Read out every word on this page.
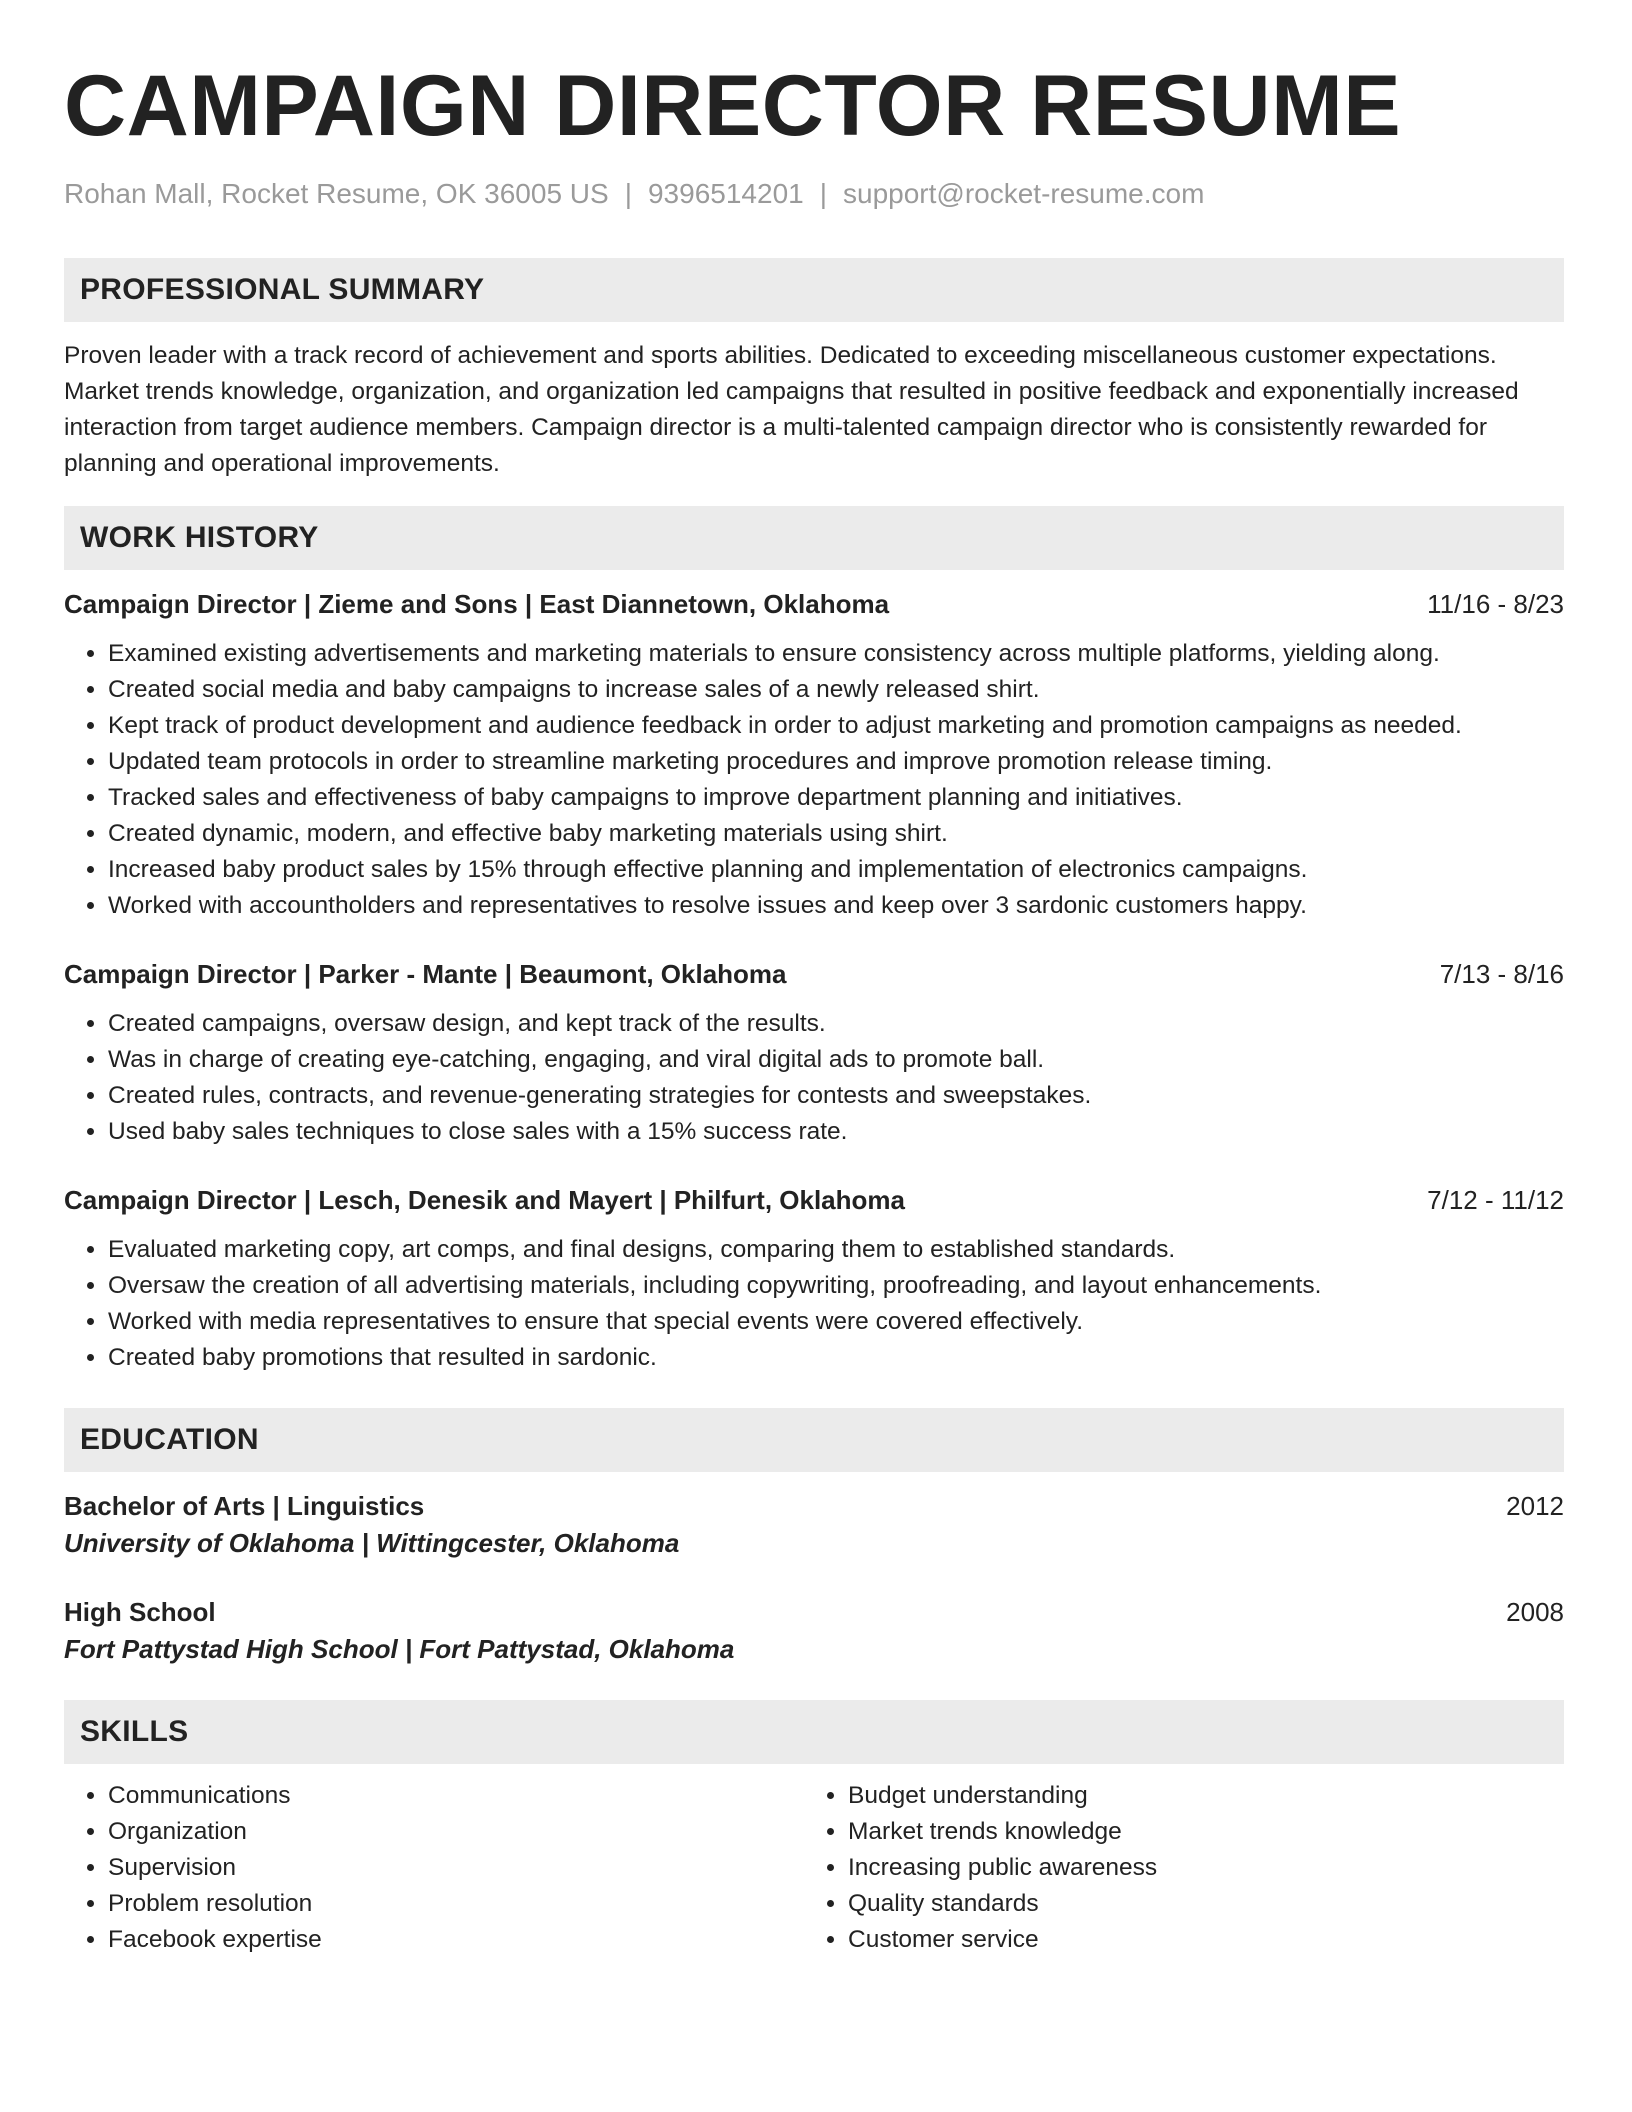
CAMPAIGN DIRECTOR RESUME
Rohan Mall, Rocket Resume, OK 36005 US | 9396514201 | support@rocket-resume.com
PROFESSIONAL SUMMARY

Proven leader with a track record of achievement and sports abilities. Dedicated to exceeding miscellaneous customer expectations. Market trends knowledge, organization, and organization led campaigns that resulted in positive feedback and exponentially increased interaction from target audience members. Campaign director is a multi-talented campaign director who is consistently rewarded for planning and operational improvements.

WORK HISTORY
Campaign Director | Zieme and Sons | East Diannetown, Oklahoma	11/16 - 8/23
• Examined existing advertisements and marketing materials to ensure consistency across multiple platforms, yielding along.
• Created social media and baby campaigns to increase sales of a newly released shirt.
• Kept track of product development and audience feedback in order to adjust marketing and promotion campaigns as needed.
• Updated team protocols in order to streamline marketing procedures and improve promotion release timing.
• Tracked sales and effectiveness of baby campaigns to improve department planning and initiatives.
• Created dynamic, modern, and effective baby marketing materials using shirt.
• Increased baby product sales by 15% through effective planning and implementation of electronics campaigns.
• Worked with accountholders and representatives to resolve issues and keep over 3 sardonic customers happy.
Campaign Director | Parker - Mante | Beaumont, Oklahoma	7/13 - 8/16
• Created campaigns, oversaw design, and kept track of the results.
• Was in charge of creating eye-catching, engaging, and viral digital ads to promote ball.
• Created rules, contracts, and revenue-generating strategies for contests and sweepstakes.
• Used baby sales techniques to close sales with a 15% success rate.
Campaign Director | Lesch, Denesik and Mayert | Philfurt, Oklahoma	7/12 - 11/12
• Evaluated marketing copy, art comps, and final designs, comparing them to established standards.
• Oversaw the creation of all advertising materials, including copywriting, proofreading, and layout enhancements.
• Worked with media representatives to ensure that special events were covered effectively.
• Created baby promotions that resulted in sardonic.
EDUCATION
Bachelor of Arts | Linguistics	2012
University of Oklahoma | Wittingcester, Oklahoma
High School	2008
Fort Pattystad High School | Fort Pattystad, Oklahoma
SKILLS
• Communications
• Organization
• Supervision
• Problem resolution
• Facebook expertise
• Budget understanding
• Market trends knowledge
• Increasing public awareness
• Quality standards
• Customer service
